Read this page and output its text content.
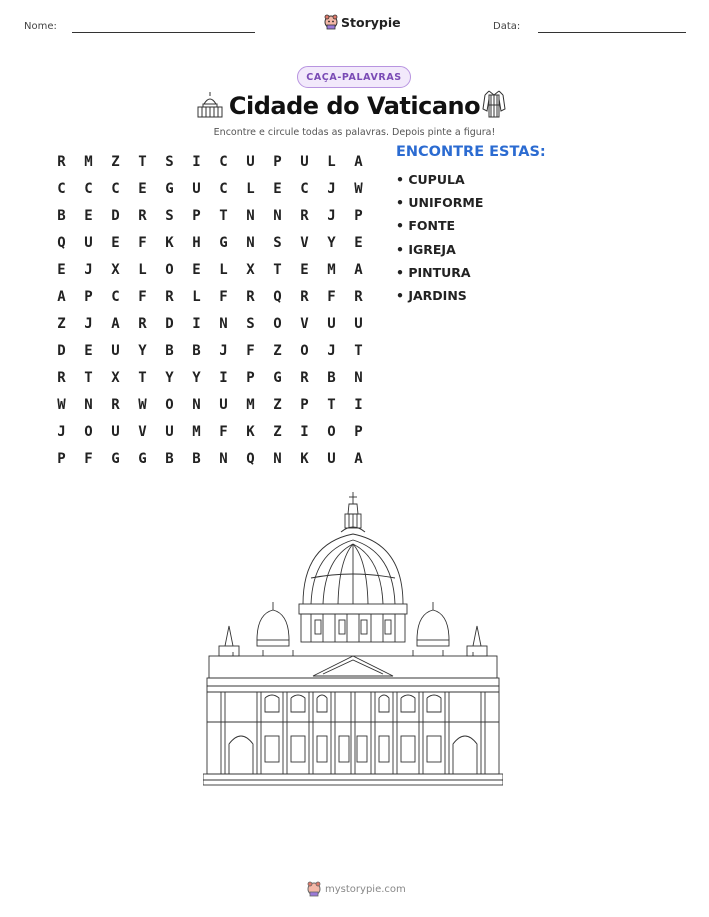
Nome:	Storypie	Data:
CAÇA-PALAVRAS
Cidade do Vaticano
Encontre e circule todas as palavras. Depois pinte a figura!
R	M	Z	T	S	I	C	U	P	U	L	A
C	C	C	E	G	U	C	L	E	C	J	W
B	E	D	R	S	P	T	N	N	R	J	P
Q	U	E	F	K	H	G	N	S	V	Y	E
E	J	X	L	O	E	L	X	T	E	M	A
A	P	C	F	R	L	F	R	Q	R	F	R
Z	J	A	R	D	I	N	S	O	V	U	U
D	E	U	Y	B	B	J	F	Z	O	J	T
R	T	X	T	Y	Y	I	P	G	R	B	N
W	N	R	W	O	N	U	M	Z	P	T	I
J	O	U	V	U	M	F	K	Z	I	O	P
P	F	G	G	B	B	N	Q	N	K	U	A
ENCONTRE ESTAS:
• CUPULA
• UNIFORME
• FONTE
• IGREJA
• PINTURA
• JARDINS
mystorypie.com
